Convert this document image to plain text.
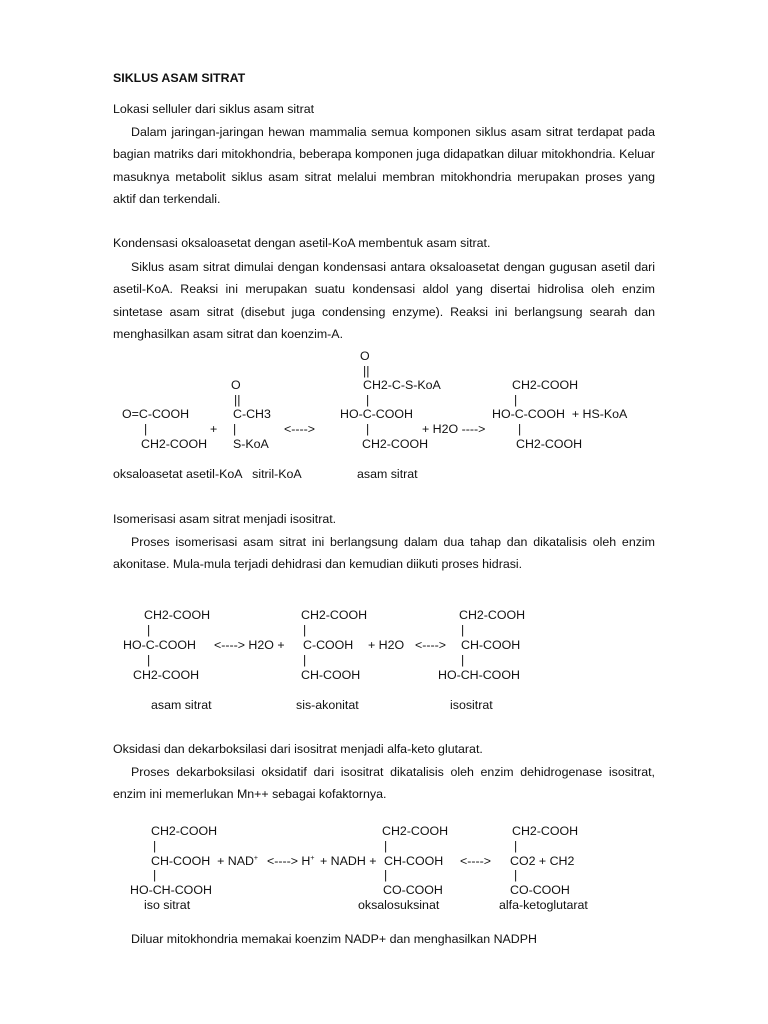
SIKLUS ASAM SITRAT
Lokasi selluler dari siklus asam sitrat
Dalam jaringan-jaringan hewan mammalia semua komponen siklus asam sitrat terdapat pada bagian matriks dari mitokhondria, beberapa komponen juga didapatkan diluar mitokhondria. Keluar masuknya metabolit siklus asam sitrat melalui membran mitokhondria merupakan proses yang aktif dan terkendali.
Kondensasi oksaloasetat dengan asetil-KoA membentuk asam sitrat.
Siklus asam sitrat dimulai dengan kondensasi antara oksaloasetat dengan gugusan asetil dari asetil-KoA. Reaksi ini merupakan suatu kondensasi aldol yang disertai hidrolisa oleh enzim sintetase asam sitrat (disebut juga condensing enzyme). Reaksi ini berlangsung searah dan menghasilkan asam sitrat dan koenzim-A.
O
||
O	CH2-C-S-KoA	CH2-COOH
||	|	|
O=C-COOH	C-CH3	HO-C-COOH	HO-C-COOH  + HS-KoA
|	+ |	<---->	|	+ H2O ---->	|
CH2-COOH S-KoA	CH2-COOH	CH2-COOH
oksaloasetat asetil-KoA   sitril-KoA	asam sitrat
Isomerisasi asam sitrat menjadi isositrat.
Proses isomerisasi asam sitrat ini berlangsung dalam dua tahap dan dikatalisis oleh enzim akonitase. Mula-mula terjadi dehidrasi dan kemudian diikuti proses hidrasi.
CH2-COOH	CH2-COOH	CH2-COOH
|	|	|
HO-C-COOH <----> H2O + C-COOH + H2O <----> CH-COOH
|	|	|
CH2-COOH	CH-COOH	HO-CH-COOH
asam sitrat	sis-akonitat	isositrat
Oksidasi dan dekarboksilasi dari isositrat menjadi alfa-keto glutarat.
Proses dekarboksilasi oksidatif dari isositrat dikatalisis oleh enzim dehidrogenase isositrat, enzim ini memerlukan Mn++ sebagai kofaktornya.
CH2-COOH	CH2-COOH	CH2-COOH
|	|	|
CH-COOH  + NAD+ <----> H+ + NADH + CH-COOH <----> CO2 + CH2
|	|	|
HO-CH-COOH	CO-COOH	CO-COOH
iso sitrat	oksalosuksinat	alfa-ketoglutarat
Diluar mitokhondria memakai koenzim NADP+ dan menghasilkan NADPH
